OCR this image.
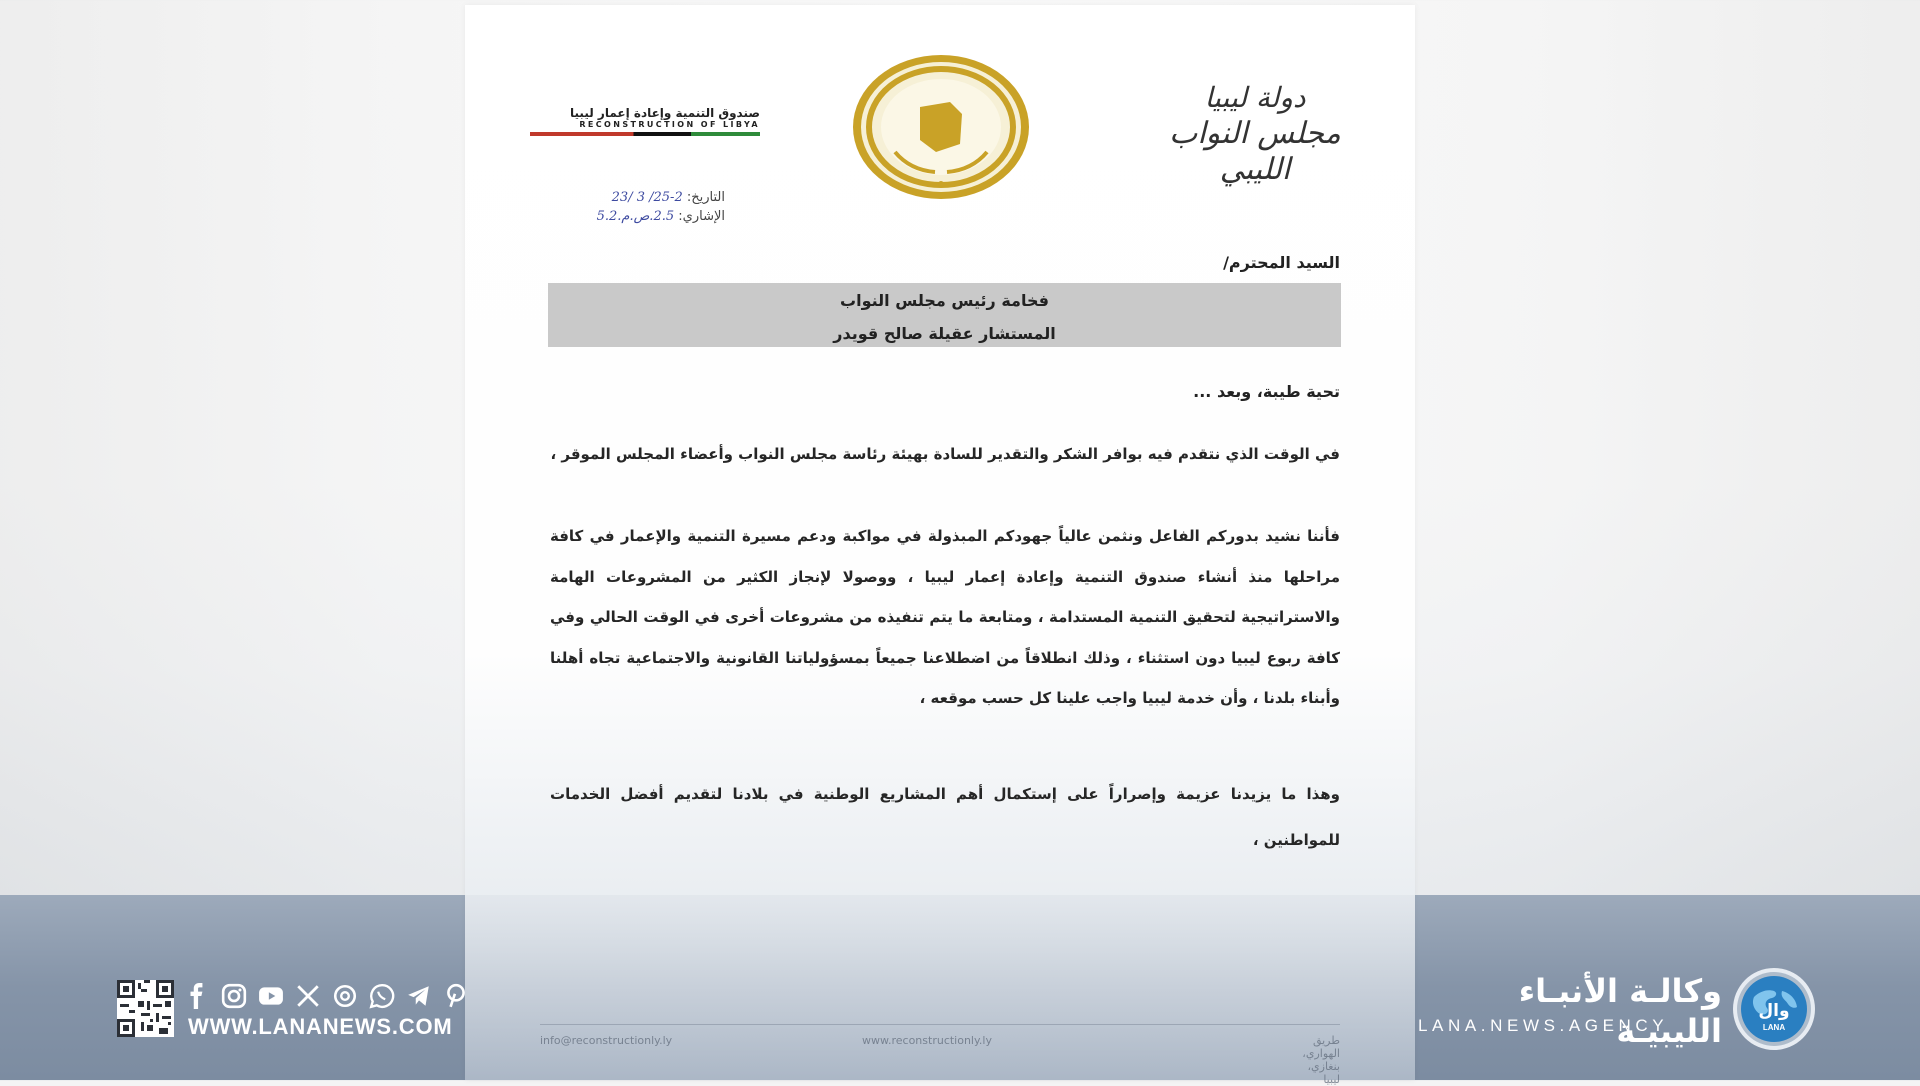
دولة ليبيا
مجلس النواب الليبي
صندوق التنمية وإعادة إعمار ليبيا
RECONSTRUCTION OF LIBYA
التاريخ: 2-25/ 3 /23
الإشاري: 2.5.ص.م.5.2
السيد المحترم/
فخامة رئيس مجلس النواب
المستشار عقيلة صالح قويدر
تحية طيبة، وبعد ...
في الوقت الذي نتقدم فيه بوافر الشكر والتقدير للسادة بهيئة رئاسة مجلس النواب وأعضاء المجلس الموقر ،
فأننا نشيد بدوركم الفاعل ونثمن عالياً جهودكم المبذولة في مواكبة ودعم مسيرة التنمية والإعمار في كافة مراحلها منذ أنشاء صندوق التنمية وإعادة إعمار ليبيا ، ووصولا لإنجاز الكثير من المشروعات الهامة والاستراتيجية لتحقيق التنمية المستدامة ، ومتابعة ما يتم تنفيذه من مشروعات أخرى في الوقت الحالي وفي كافة ربوع ليبيا دون استثناء ، وذلك انطلاقاً من اضطلاعنا جميعاً بمسؤولياتنا القانونية والاجتماعية تجاه أهلنا وأبناء بلدنا ، وأن خدمة ليبيا واجب علينا كل حسب موقعه ،
وهذا ما يزيدنا عزيمة وإصراراً على إستكمال أهم المشاريع الوطنية في بلادنا لتقديم أفضل الخدمات للمواطنين ،
طريق الهواري، بنغازي، ليبيا
www.reconstructionly.ly
info@reconstructionly.ly
WWW.LANANEWS.COM
وكالـة الأنبـاء الليبيـة
LANA.NEWS.AGENCY
وال
LANA
